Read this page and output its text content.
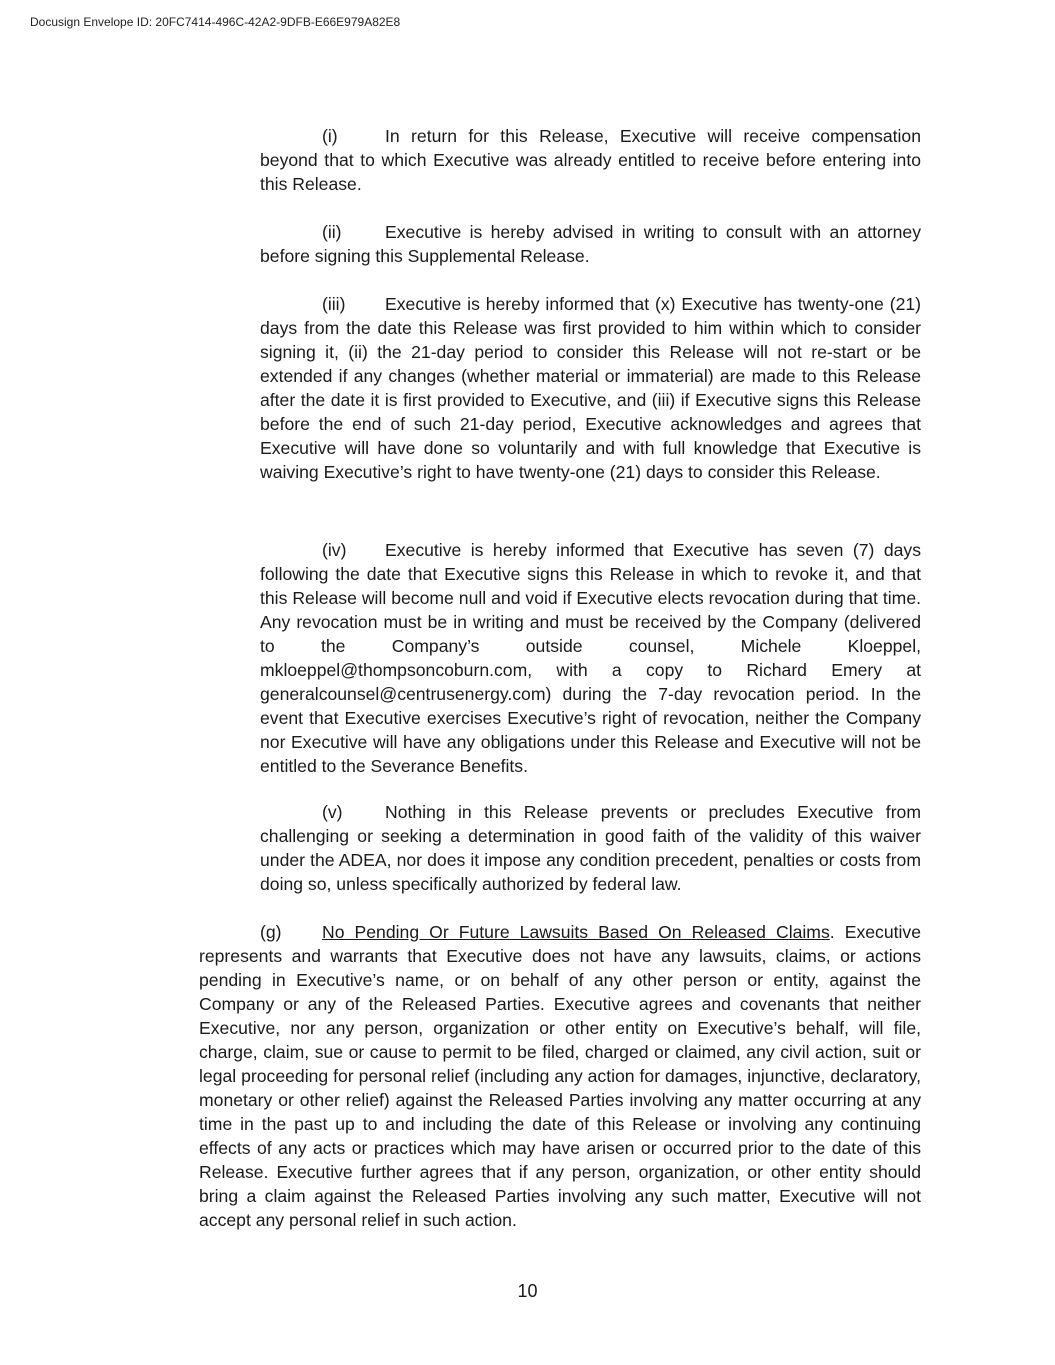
Docusign Envelope ID: 20FC7414-496C-42A2-9DFB-E66E979A82E8
(i)	In return for this Release, Executive will receive compensation beyond that to which Executive was already entitled to receive before entering into this Release.
(ii) Executive is hereby advised in writing to consult with an attorney before signing this Supplemental Release.
(iii) Executive is hereby informed that (x) Executive has twenty-one (21) days from the date this Release was first provided to him within which to consider signing it, (ii) the 21-day period to consider this Release will not re-start or be extended if any changes (whether material or immaterial) are made to this Release after the date it is first provided to Executive, and (iii) if Executive signs this Release before the end of such 21-day period, Executive acknowledges and agrees that Executive will have done so voluntarily and with full knowledge that Executive is waiving Executive’s right to have twenty-one (21) days to consider this Release.
(iv) Executive is hereby informed that Executive has seven (7) days following the date that Executive signs this Release in which to revoke it, and that this Release will become null and void if Executive elects revocation during that time. Any revocation must be in writing and must be received by the Company (delivered to the Company’s outside counsel, Michele Kloeppel, mkloeppel@thompsoncoburn.com, with a copy to Richard Emery at generalcounsel@centrusenergy.com) during the 7-day revocation period. In the event that Executive exercises Executive’s right of revocation, neither the Company nor Executive will have any obligations under this Release and Executive will not be entitled to the Severance Benefits.
(v) Nothing in this Release prevents or precludes Executive from challenging or seeking a determination in good faith of the validity of this waiver under the ADEA, nor does it impose any condition precedent, penalties or costs from doing so, unless specifically authorized by federal law.
(g) No Pending Or Future Lawsuits Based On Released Claims. Executive represents and warrants that Executive does not have any lawsuits, claims, or actions pending in Executive’s name, or on behalf of any other person or entity, against the Company or any of the Released Parties. Executive agrees and covenants that neither Executive, nor any person, organization or other entity on Executive’s behalf, will file, charge, claim, sue or cause to permit to be filed, charged or claimed, any civil action, suit or legal proceeding for personal relief (including any action for damages, injunctive, declaratory, monetary or other relief) against the Released Parties involving any matter occurring at any time in the past up to and including the date of this Release or involving any continuing effects of any acts or practices which may have arisen or occurred prior to the date of this Release. Executive further agrees that if any person, organization, or other entity should bring a claim against the Released Parties involving any such matter, Executive will not accept any personal relief in such action.
10
